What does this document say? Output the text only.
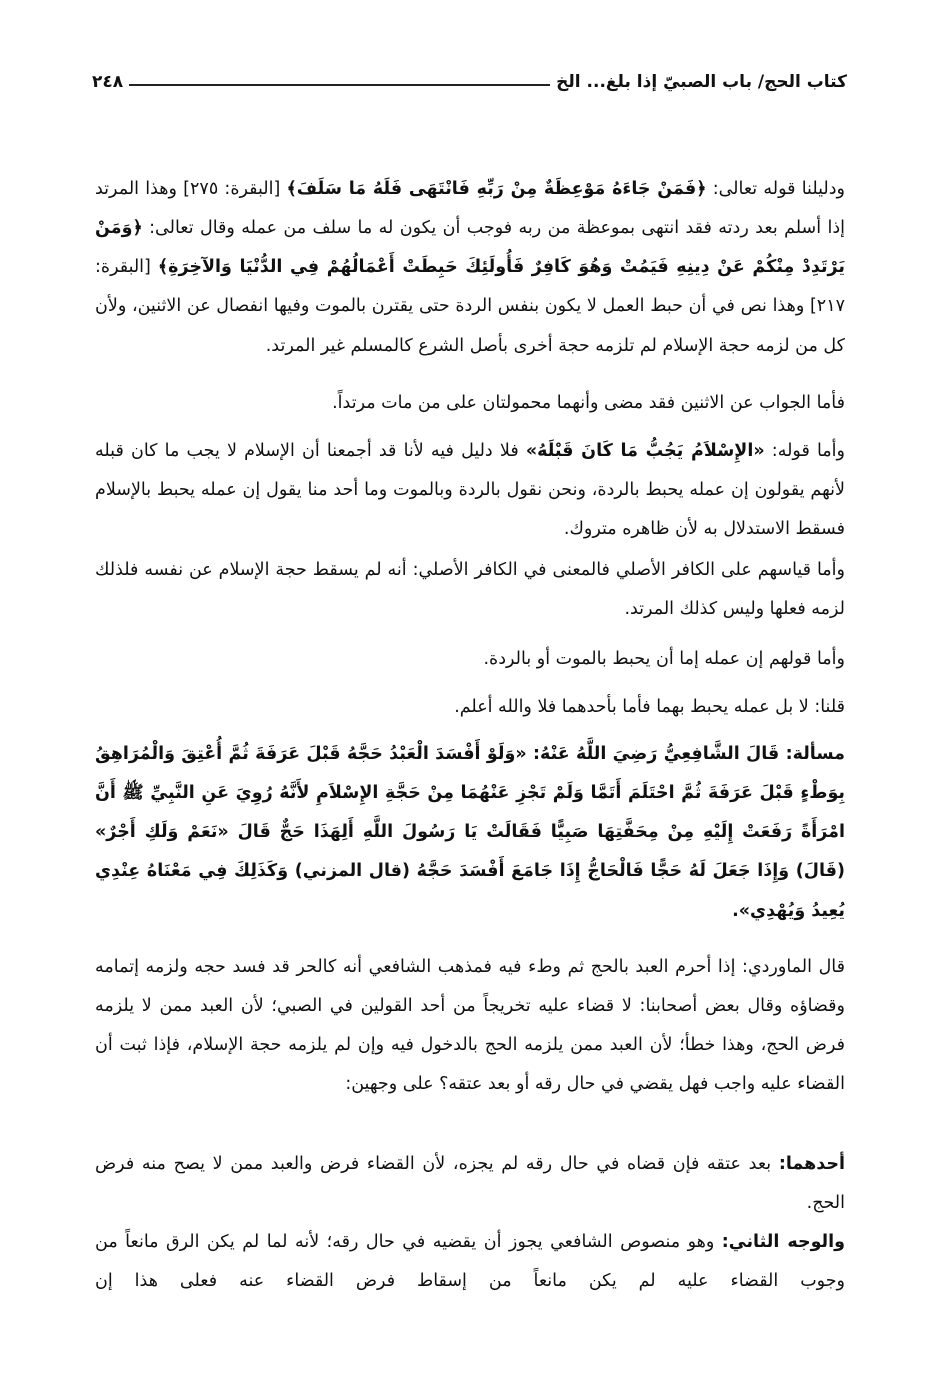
كتاب الحج/ باب الصبيّ إذا بلغ... الخ
٢٤٨

ودليلنا قوله تعالى: ﴿فَمَنْ جَاءَهُ مَوْعِظَةٌ مِنْ رَبِّهِ فَانْتَهَى فَلَهُ مَا سَلَفَ﴾ [البقرة: ٢٧٥] وهذا المرتد إذا أسلم بعد ردته فقد انتهى بموعظة من ربه فوجب أن يكون له ما سلف من عمله وقال تعالى: ﴿وَمَنْ يَرْتَدِدْ مِنْكُمْ عَنْ دِينِهِ فَيَمُتْ وَهُوَ كَافِرٌ فَأُولَئِكَ حَبِطَتْ أَعْمَالُهُمْ فِي الدُّنْيَا وَالآخِرَةِ﴾ [البقرة: ٢١٧] وهذا نص في أن حبط العمل لا يكون بنفس الردة حتى يقترن بالموت وفيها انفصال عن الاثنين، ولأن كل من لزمه حجة الإسلام لم تلزمه حجة أخرى بأصل الشرع كالمسلم غير المرتد.

فأما الجواب عن الاثنين فقد مضى وأنهما محمولتان على من مات مرتداً.

وأما قوله: «الإِسْلاَمُ يَجُبُّ مَا كَانَ قَبْلَهُ» فلا دليل فيه لأنا قد أجمعنا أن الإسلام لا يجب ما كان قبله لأنهم يقولون إن عمله يحبط بالردة، ونحن نقول بالردة وبالموت وما أحد منا يقول إن عمله يحبط بالإسلام فسقط الاستدلال به لأن ظاهره متروك.

وأما قياسهم على الكافر الأصلي فالمعنى في الكافر الأصلي: أنه لم يسقط حجة الإسلام عن نفسه فلذلك لزمه فعلها وليس كذلك المرتد.

وأما قولهم إن عمله إما أن يحبط بالموت أو بالردة.

قلنا: لا بل عمله يحبط بهما فأما بأحدهما فلا والله أعلم.

مسألة: قَالَ الشَّافِعِيُّ رَضِيَ اللَّهُ عَنْهُ: «وَلَوْ أَفْسَدَ الْعَبْدُ حَجَّهُ قَبْلَ عَرَفَةَ ثُمَّ أُعْتِقَ وَالْمُرَاهِقُ بِوَطْءٍ قَبْلَ عَرَفَةَ ثُمَّ احْتَلَمَ أَتَمَّا وَلَمْ تَجْزِ عَنْهُمَا مِنْ حَجَّةِ الإِسْلاَمِ لأَنَّهُ رُوِيَ عَنِ النَّبِيِّ ﷺ أَنَّ امْرَأَةً رَفَعَتْ إِلَيْهِ مِنْ مِحَفَّتِهَا صَبِيًّا فَقَالَتْ يَا رَسُولَ اللَّهِ أَلِهَذَا حَجٌّ قَالَ «نَعَمْ وَلَكِ أَجْرٌ» (قَالَ) وَإِذَا جَعَلَ لَهُ حَجًّا فَالْحَاجُّ إِذَا جَامَعَ أَفْسَدَ حَجَّهُ (قال المزني) وَكَذَلِكَ فِي مَعْنَاهُ عِنْدِي يُعِيدُ وَيُهْدِي».

قال الماوردي: إذا أحرم العبد بالحج ثم وطء فيه فمذهب الشافعي أنه كالحر قد فسد حجه ولزمه إتمامه وقضاؤه وقال بعض أصحابنا: لا قضاء عليه تخريجاً من أحد القولين في الصبي؛ لأن العبد ممن لا يلزمه فرض الحج، وهذا خطأ؛ لأن العبد ممن يلزمه الحج بالدخول فيه وإن لم يلزمه حجة الإسلام، فإذا ثبت أن القضاء عليه واجب فهل يقضي في حال رقه أو بعد عتقه؟ على وجهين:

أحدهما: بعد عتقه فإن قضاه في حال رقه لم يجزه، لأن القضاء فرض والعبد ممن لا يصح منه فرض الحج.

والوجه الثاني: وهو منصوص الشافعي يجوز أن يقضيه في حال رقه؛ لأنه لما لم يكن الرق مانعاً من وجوب القضاء عليه لم يكن مانعاً من إسقاط فرض القضاء عنه فعلى هذا إن
